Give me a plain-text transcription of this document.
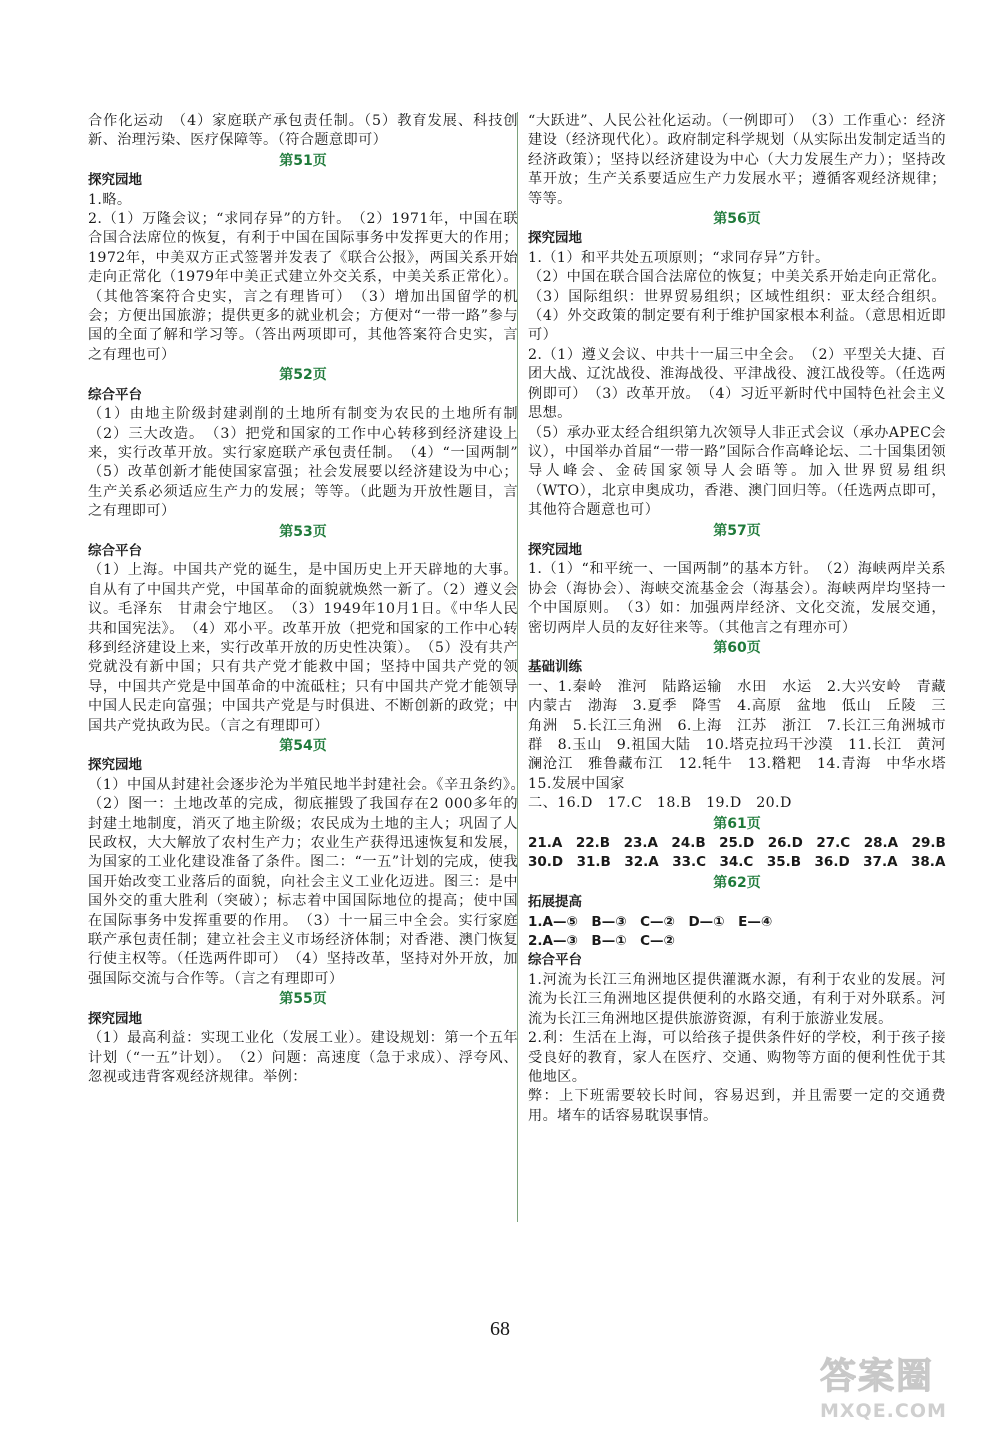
合作化运动　（4）家庭联产承包责任制。（5）教育发展、科技创新、治理污染、医疗保障等。（符合题意即可）

第51页

探究园地

1.略。

2.（1）万隆会议；“求同存异”的方针。　（2）1971年，中国在联合国合法席位的恢复，有利于中国在国际事务中发挥更大的作用；1972年，中美双方正式签署并发表了《联合公报》，两国关系开始走向正常化（1979年中美正式建立外交关系，中美关系正常化）。（其他答案符合史实，言之有理皆可）　（3）增加出国留学的机会；方便出国旅游；提供更多的就业机会；方便对“一带一路”参与国的全面了解和学习等。（答出两项即可，其他答案符合史实，言之有理也可）

第52页

综合平台

（1）由地主阶级封建剥削的土地所有制变为农民的土地所有制　（2）三大改造。　（3）把党和国家的工作中心转移到经济建设上来，实行改革开放。实行家庭联产承包责任制。　（4）“一国两制”　（5）改革创新才能使国家富强；社会发展要以经济建设为中心；生产关系必须适应生产力的发展；等等。（此题为开放性题目，言之有理即可）

第53页

综合平台

（1）上海。中国共产党的诞生，是中国历史上开天辟地的大事。自从有了中国共产党，中国革命的面貌就焕然一新了。（2）遵义会议。毛泽东　甘肃会宁地区。　（3）1949年10月1日。《中华人民共和国宪法》。　（4）邓小平。改革开放（把党和国家的工作中心转移到经济建设上来，实行改革开放的历史性决策）。　（5）没有共产党就没有新中国；只有共产党才能救中国；坚持中国共产党的领导，中国共产党是中国革命的中流砥柱；只有中国共产党才能领导中国人民走向富强；中国共产党是与时俱进、不断创新的政党；中国共产党执政为民。（言之有理即可）

第54页

探究园地

（1）中国从封建社会逐步沦为半殖民地半封建社会。《辛丑条约》。　（2）图一：土地改革的完成，彻底摧毁了我国存在2 000多年的封建土地制度，消灭了地主阶级；农民成为土地的主人；巩固了人民政权，大大解放了农村生产力；农业生产获得迅速恢复和发展，为国家的工业化建设准备了条件。图二：“一五”计划的完成，使我国开始改变工业落后的面貌，向社会主义工业化迈进。图三：是中国外交的重大胜利（突破）；标志着中国国际地位的提高；使中国在国际事务中发挥重要的作用。　（3）十一届三中全会。实行家庭联产承包责任制；建立社会主义市场经济体制；对香港、澳门恢复行使主权等。（任选两件即可）　（4）坚持改革，坚持对外开放，加强国际交流与合作等。（言之有理即可）

第55页

探究园地

（1）最高利益：实现工业化（发展工业）。建设规划：第一个五年计划（“一五”计划）。　（2）问题：高速度（急于求成）、浮夸风、忽视或违背客观经济规律。举例：

“大跃进”、人民公社化运动。（一例即可）　（3）工作重心：经济建设（经济现代化）。政府制定科学规划（从实际出发制定适当的经济政策）；坚持以经济建设为中心（大力发展生产力）；坚持改革开放；生产关系要适应生产力发展水平；遵循客观经济规律；等等。

第56页

探究园地

1.（1）和平共处五项原则；“求同存异”方针。

（2）中国在联合国合法席位的恢复；中美关系开始走向正常化。（3）国际组织：世界贸易组织；区域性组织：亚太经合组织。（4）外交政策的制定要有利于维护国家根本利益。（意思相近即可）

2.（1）遵义会议、中共十一届三中全会。　（2）平型关大捷、百团大战、辽沈战役、淮海战役、平津战役、渡江战役等。（任选两例即可）　（3）改革开放。　（4）习近平新时代中国特色社会主义思想。

（5）承办亚太经合组织第九次领导人非正式会议（承办APEC会议），中国举办首届“一带一路”国际合作高峰论坛、二十国集团领导人峰会、金砖国家领导人会晤等。加入世界贸易组织（WTO），北京申奥成功，香港、澳门回归等。（任选两点即可，其他符合题意也可）

第57页

探究园地

1.（1）“和平统一、一国两制”的基本方针。　（2）海峡两岸关系协会（海协会）、海峡交流基金会（海基会）。海峡两岸均坚持一个中国原则。　（3）如：加强两岸经济、文化交流，发展交通，密切两岸人员的友好往来等。（其他言之有理亦可）

第60页

基础训练

一、1.秦岭　淮河　陆路运输　水田　水运　2.大兴安岭　青藏　内蒙古　渤海　3.夏季　降雪　4.高原　盆地　低山　丘陵　三角洲　5.长江三角洲　6.上海　江苏　浙江　7.长江三角洲城市群　8.玉山　9.祖国大陆　10.塔克拉玛干沙漠　11.长江　黄河　澜沧江　雅鲁藏布江　12.牦牛　13.糌粑　14.青海　中华水塔　15.发展中国家

二、16.D　17.C　18.B　19.D　20.D

第61页

21.A　22.B　23.A　24.B　25.D　26.D　27.C　28.A　29.B

30.D　31.B　32.A　33.C　34.C　35.B　36.D　37.A　38.A

第62页

拓展提高

1.A—⑤　B—③　C—②　D—①　E—④

2.A—③　B—①　C—②

综合平台

1.河流为长江三角洲地区提供灌溉水源，有利于农业的发展。河流为长江三角洲地区提供便利的水路交通，有利于对外联系。河流为长江三角洲地区提供旅游资源，有利于旅游业发展。

2.利：生活在上海，可以给孩子提供条件好的学校，利于孩子接受良好的教育，家人在医疗、交通、购物等方面的便利性优于其他地区。

弊：上下班需要较长时间，容易迟到，并且需要一定的交通费用。堵车的话容易耽误事情。

68
答案圈
MXQE.COM
